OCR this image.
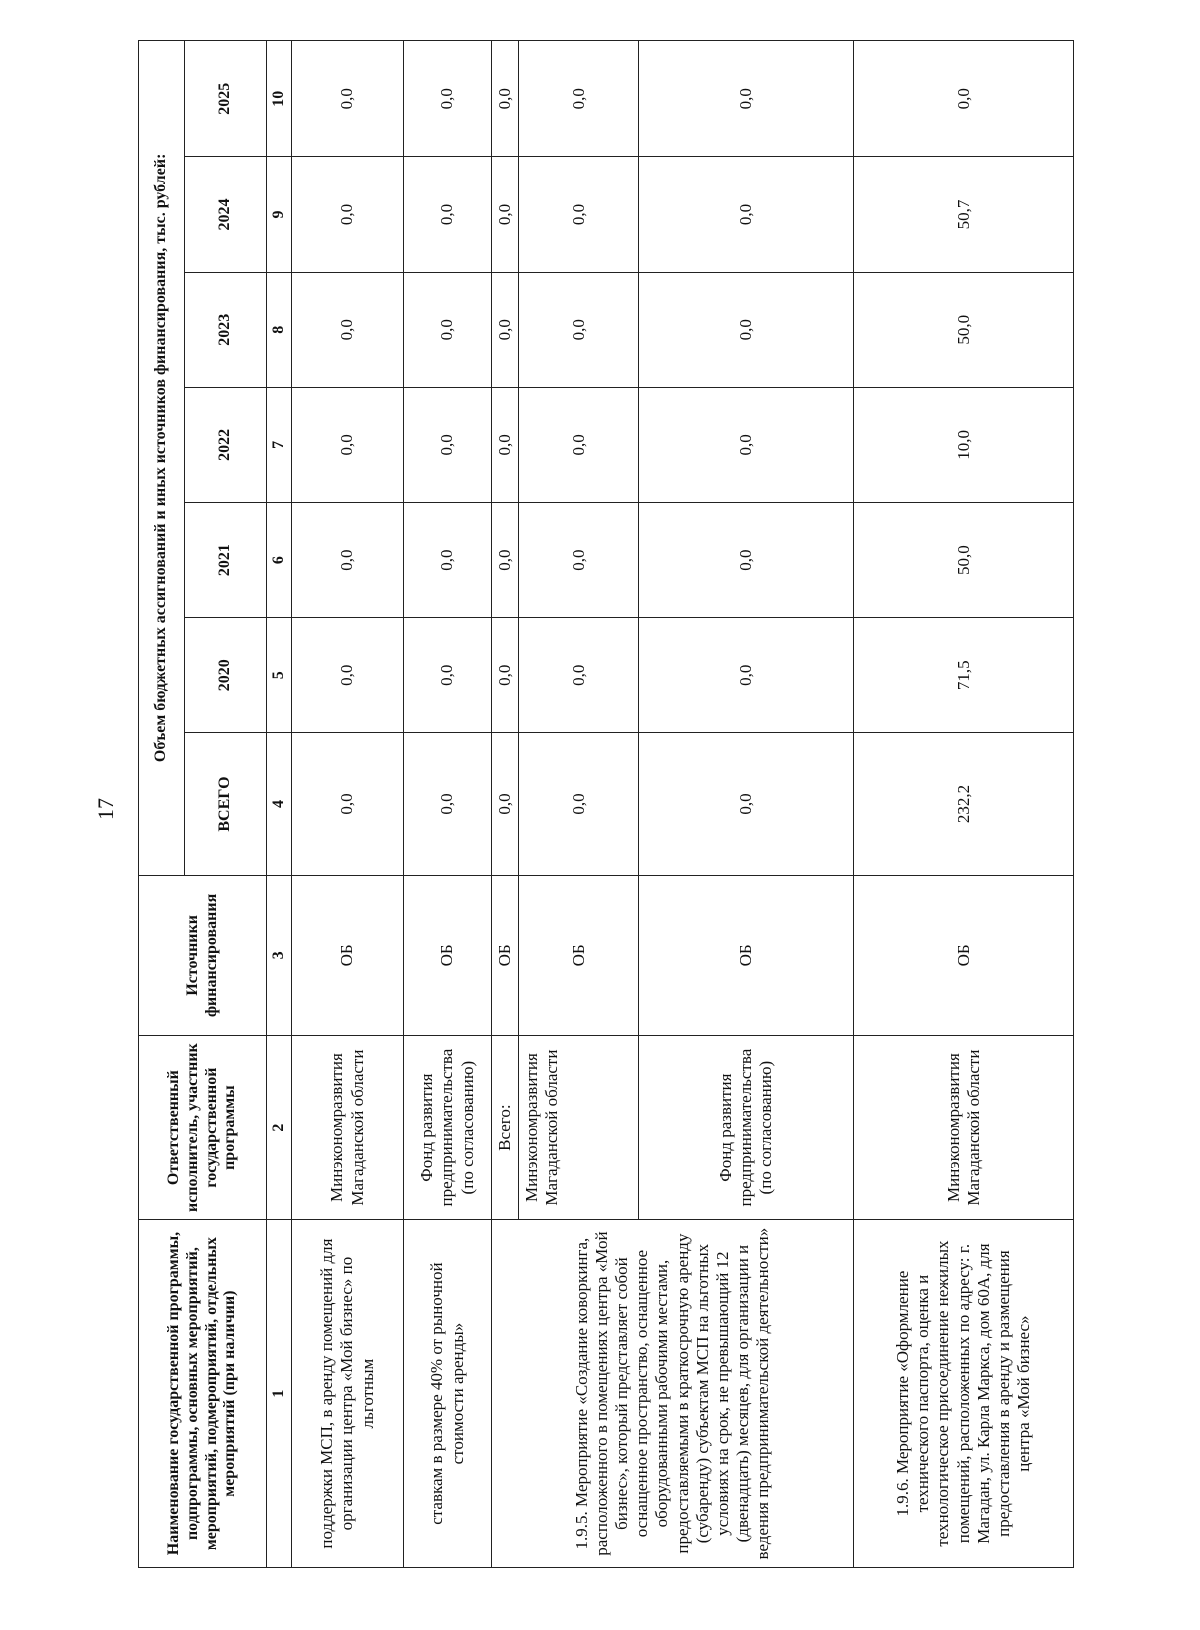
17
Наименование государственной программы, подпрограммы, основных мероприятий, мероприятий, подмероприятий, отдельных мероприятий (при наличии)	Ответственный исполнитель, участник государственной программы	Источники финансирования	Объем бюджетных ассигнований и иных источников финансирования, тыс. рублей:						
			ВСЕГО	2020	2021	2022	2023	2024	2025
1	2	3	4	5	6	7	8	9	10
поддержки МСП, в аренду помещений для организации центра «Мой бизнес» по льготным	Минэкономразвития Магаданской области	ОБ	0,0	0,0	0,0	0,0	0,0	0,0	0,0
ставкам в размере 40% от рыночной стоимости аренды»	Фонд развития предпринимательства (по согласованию)	ОБ	0,0	0,0	0,0	0,0	0,0	0,0	0,0
1.9.5. Мероприятие «Создание коворкинга, расположенного в помещениях центра «Мой бизнес», который представляет собой оснащенное пространство, оснащенное оборудованными рабочими местами, предоставляемыми в краткосрочную аренду (субаренду) субъектам МСП на льготных условиях на срок, не превышающий 12 (двенадцать) месяцев, для организации и ведения предпринимательской деятельности»	Всего:	ОБ	0,0	0,0	0,0	0,0	0,0	0,0	0,0
	Минэкономразвития Магаданской области	ОБ	0,0	0,0	0,0	0,0	0,0	0,0	0,0
	Фонд развития предпринимательства (по согласованию)	ОБ	0,0	0,0	0,0	0,0	0,0	0,0	0,0
1.9.6. Мероприятие «Оформление технического паспорта, оценка и технологическое присоединение нежилых помещений, расположенных по адресу: г. Магадан, ул. Карла Маркса, дом 60А, для предоставления в аренду и размещения центра «Мой бизнес»	Минэкономразвития Магаданской области	ОБ	232,2	71,5	50,0	10,0	50,0	50,7	0,0
